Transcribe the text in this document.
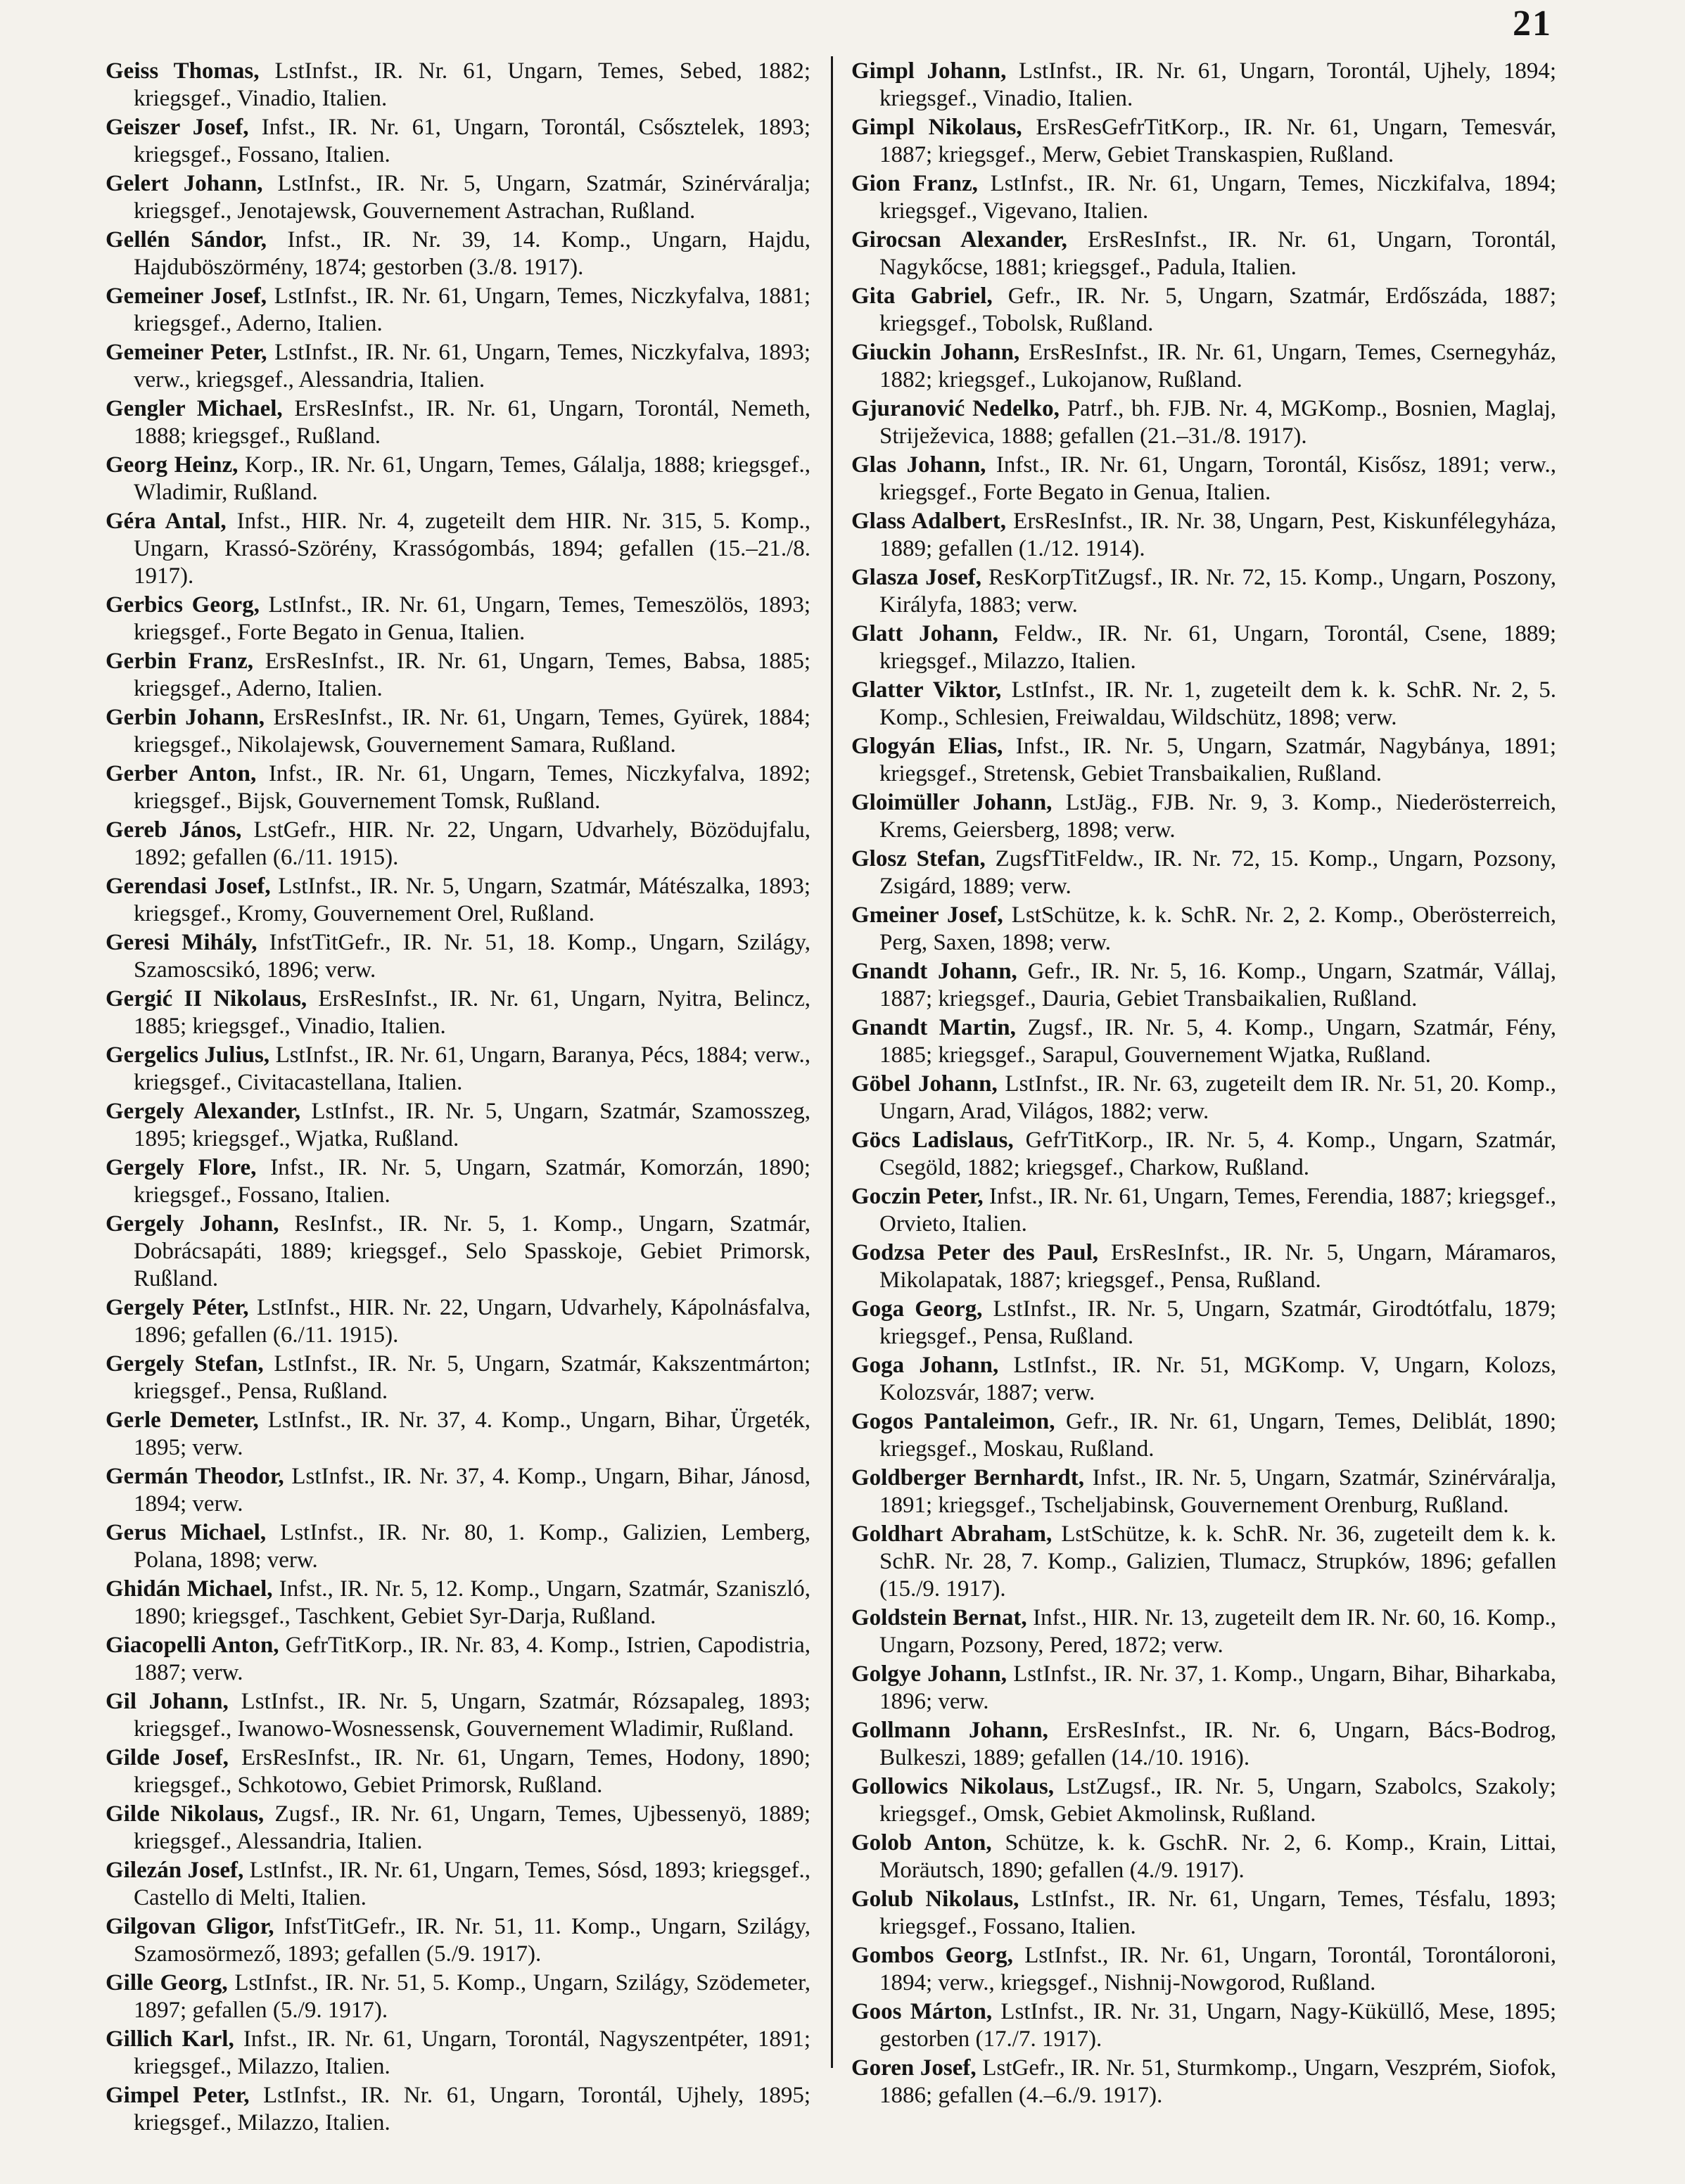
21

Geiss Thomas, LstInfst., IR. Nr. 61, Ungarn, Temes, Sebed, 1882; kriegsgef., Vinadio, Italien.

Geiszer Josef, Infst., IR. Nr. 61, Ungarn, Torontál, Csősztelek, 1893; kriegsgef., Fossano, Italien.

Gelert Johann, LstInfst., IR. Nr. 5, Ungarn, Szatmár, Szinérváralja; kriegsgef., Jenotajewsk, Gouvernement Astrachan, Rußland.

Gellén Sándor, Infst., IR. Nr. 39, 14. Komp., Ungarn, Hajdu, Hajduböszörmény, 1874; gestorben (3./8. 1917).

Gemeiner Josef, LstInfst., IR. Nr. 61, Ungarn, Temes, Niczkyfalva, 1881; kriegsgef., Aderno, Italien.

Gemeiner Peter, LstInfst., IR. Nr. 61, Ungarn, Temes, Niczkyfalva, 1893; verw., kriegsgef., Alessandria, Italien.

Gengler Michael, ErsResInfst., IR. Nr. 61, Ungarn, Torontál, Nemeth, 1888; kriegsgef., Rußland.

Georg Heinz, Korp., IR. Nr. 61, Ungarn, Temes, Gálalja, 1888; kriegsgef., Wladimir, Rußland.

Géra Antal, Infst., HIR. Nr. 4, zugeteilt dem HIR. Nr. 315, 5. Komp., Ungarn, Krassó-Szörény, Krassógombás, 1894; gefallen (15.–21./8. 1917).

Gerbics Georg, LstInfst., IR. Nr. 61, Ungarn, Temes, Temeszölös, 1893; kriegsgef., Forte Begato in Genua, Italien.

Gerbin Franz, ErsResInfst., IR. Nr. 61, Ungarn, Temes, Babsa, 1885; kriegsgef., Aderno, Italien.

Gerbin Johann, ErsResInfst., IR. Nr. 61, Ungarn, Temes, Gyürek, 1884; kriegsgef., Nikolajewsk, Gouvernement Samara, Rußland.

Gerber Anton, Infst., IR. Nr. 61, Ungarn, Temes, Niczkyfalva, 1892; kriegsgef., Bijsk, Gouvernement Tomsk, Rußland.

Gereb János, LstGefr., HIR. Nr. 22, Ungarn, Udvarhely, Bözödujfalu, 1892; gefallen (6./11. 1915).

Gerendasi Josef, LstInfst., IR. Nr. 5, Ungarn, Szatmár, Mátészalka, 1893; kriegsgef., Kromy, Gouvernement Orel, Rußland.

Geresi Mihály, InfstTitGefr., IR. Nr. 51, 18. Komp., Ungarn, Szilágy, Szamoscsikó, 1896; verw.

Gergić II Nikolaus, ErsResInfst., IR. Nr. 61, Ungarn, Nyitra, Belincz, 1885; kriegsgef., Vinadio, Italien.

Gergelics Julius, LstInfst., IR. Nr. 61, Ungarn, Baranya, Pécs, 1884; verw., kriegsgef., Civitacastellana, Italien.

Gergely Alexander, LstInfst., IR. Nr. 5, Ungarn, Szatmár, Szamosszeg, 1895; kriegsgef., Wjatka, Rußland.

Gergely Flore, Infst., IR. Nr. 5, Ungarn, Szatmár, Komorzán, 1890; kriegsgef., Fossano, Italien.

Gergely Johann, ResInfst., IR. Nr. 5, 1. Komp., Ungarn, Szatmár, Dobrácsapáti, 1889; kriegsgef., Selo Spasskoje, Gebiet Primorsk, Rußland.

Gergely Péter, LstInfst., HIR. Nr. 22, Ungarn, Udvarhely, Kápolnásfalva, 1896; gefallen (6./11. 1915).

Gergely Stefan, LstInfst., IR. Nr. 5, Ungarn, Szatmár, Kakszentmárton; kriegsgef., Pensa, Rußland.

Gerle Demeter, LstInfst., IR. Nr. 37, 4. Komp., Ungarn, Bihar, Ürgeték, 1895; verw.

Germán Theodor, LstInfst., IR. Nr. 37, 4. Komp., Ungarn, Bihar, Jánosd, 1894; verw.

Gerus Michael, LstInfst., IR. Nr. 80, 1. Komp., Galizien, Lemberg, Polana, 1898; verw.

Ghidán Michael, Infst., IR. Nr. 5, 12. Komp., Ungarn, Szatmár, Szaniszló, 1890; kriegsgef., Taschkent, Gebiet Syr-Darja, Rußland.

Giacopelli Anton, GefrTitKorp., IR. Nr. 83, 4. Komp., Istrien, Capodistria, 1887; verw.

Gil Johann, LstInfst., IR. Nr. 5, Ungarn, Szatmár, Rózsapaleg, 1893; kriegsgef., Iwanowo-Wosnessensk, Gouvernement Wladimir, Rußland.

Gilde Josef, ErsResInfst., IR. Nr. 61, Ungarn, Temes, Hodony, 1890; kriegsgef., Schkotowo, Gebiet Primorsk, Rußland.

Gilde Nikolaus, Zugsf., IR. Nr. 61, Ungarn, Temes, Ujbessenyö, 1889; kriegsgef., Alessandria, Italien.

Gilezán Josef, LstInfst., IR. Nr. 61, Ungarn, Temes, Sósd, 1893; kriegsgef., Castello di Melti, Italien.

Gilgovan Gligor, InfstTitGefr., IR. Nr. 51, 11. Komp., Ungarn, Szilágy, Szamosörmező, 1893; gefallen (5./9. 1917).

Gille Georg, LstInfst., IR. Nr. 51, 5. Komp., Ungarn, Szilágy, Szödemeter, 1897; gefallen (5./9. 1917).

Gillich Karl, Infst., IR. Nr. 61, Ungarn, Torontál, Nagyszentpéter, 1891; kriegsgef., Milazzo, Italien.

Gimpel Peter, LstInfst., IR. Nr. 61, Ungarn, Torontál, Ujhely, 1895; kriegsgef., Milazzo, Italien.

Gimpl Johann, LstInfst., IR. Nr. 61, Ungarn, Torontál, Ujhely, 1894; kriegsgef., Vinadio, Italien.

Gimpl Nikolaus, ErsResGefrTitKorp., IR. Nr. 61, Ungarn, Temesvár, 1887; kriegsgef., Merw, Gebiet Transkaspien, Rußland.

Gion Franz, LstInfst., IR. Nr. 61, Ungarn, Temes, Niczkifalva, 1894; kriegsgef., Vigevano, Italien.

Girocsan Alexander, ErsResInfst., IR. Nr. 61, Ungarn, Torontál, Nagykőcse, 1881; kriegsgef., Padula, Italien.

Gita Gabriel, Gefr., IR. Nr. 5, Ungarn, Szatmár, Erdőszáda, 1887; kriegsgef., Tobolsk, Rußland.

Giuckin Johann, ErsResInfst., IR. Nr. 61, Ungarn, Temes, Csernegyház, 1882; kriegsgef., Lukojanow, Rußland.

Gjuranović Nedelko, Patrf., bh. FJB. Nr. 4, MGKomp., Bosnien, Maglaj, Striježevica, 1888; gefallen (21.–31./8. 1917).

Glas Johann, Infst., IR. Nr. 61, Ungarn, Torontál, Kisősz, 1891; verw., kriegsgef., Forte Begato in Genua, Italien.

Glass Adalbert, ErsResInfst., IR. Nr. 38, Ungarn, Pest, Kiskunfélegyháza, 1889; gefallen (1./12. 1914).

Glasza Josef, ResKorpTitZugsf., IR. Nr. 72, 15. Komp., Ungarn, Poszony, Királyfa, 1883; verw.

Glatt Johann, Feldw., IR. Nr. 61, Ungarn, Torontál, Csene, 1889; kriegsgef., Milazzo, Italien.

Glatter Viktor, LstInfst., IR. Nr. 1, zugeteilt dem k. k. SchR. Nr. 2, 5. Komp., Schlesien, Freiwaldau, Wildschütz, 1898; verw.

Glogyán Elias, Infst., IR. Nr. 5, Ungarn, Szatmár, Nagybánya, 1891; kriegsgef., Stretensk, Gebiet Transbaikalien, Rußland.

Gloimüller Johann, LstJäg., FJB. Nr. 9, 3. Komp., Niederösterreich, Krems, Geiersberg, 1898; verw.

Glosz Stefan, ZugsfTitFeldw., IR. Nr. 72, 15. Komp., Ungarn, Pozsony, Zsigárd, 1889; verw.

Gmeiner Josef, LstSchütze, k. k. SchR. Nr. 2, 2. Komp., Oberösterreich, Perg, Saxen, 1898; verw.

Gnandt Johann, Gefr., IR. Nr. 5, 16. Komp., Ungarn, Szatmár, Vállaj, 1887; kriegsgef., Dauria, Gebiet Transbaikalien, Rußland.

Gnandt Martin, Zugsf., IR. Nr. 5, 4. Komp., Ungarn, Szatmár, Fény, 1885; kriegsgef., Sarapul, Gouvernement Wjatka, Rußland.

Göbel Johann, LstInfst., IR. Nr. 63, zugeteilt dem IR. Nr. 51, 20. Komp., Ungarn, Arad, Világos, 1882; verw.

Göcs Ladislaus, GefrTitKorp., IR. Nr. 5, 4. Komp., Ungarn, Szatmár, Csegöld, 1882; kriegsgef., Charkow, Rußland.

Goczin Peter, Infst., IR. Nr. 61, Ungarn, Temes, Ferendia, 1887; kriegsgef., Orvieto, Italien.

Godzsa Peter des Paul, ErsResInfst., IR. Nr. 5, Ungarn, Máramaros, Mikolapatak, 1887; kriegsgef., Pensa, Rußland.

Goga Georg, LstInfst., IR. Nr. 5, Ungarn, Szatmár, Girodtótfalu, 1879; kriegsgef., Pensa, Rußland.

Goga Johann, LstInfst., IR. Nr. 51, MGKomp. V, Ungarn, Kolozs, Kolozsvár, 1887; verw.

Gogos Pantaleimon, Gefr., IR. Nr. 61, Ungarn, Temes, Deliblát, 1890; kriegsgef., Moskau, Rußland.

Goldberger Bernhardt, Infst., IR. Nr. 5, Ungarn, Szatmár, Szinérváralja, 1891; kriegsgef., Tscheljabinsk, Gouvernement Orenburg, Rußland.

Goldhart Abraham, LstSchütze, k. k. SchR. Nr. 36, zugeteilt dem k. k. SchR. Nr. 28, 7. Komp., Galizien, Tlumacz, Strupków, 1896; gefallen (15./9. 1917).

Goldstein Bernat, Infst., HIR. Nr. 13, zugeteilt dem IR. Nr. 60, 16. Komp., Ungarn, Pozsony, Pered, 1872; verw.

Golgye Johann, LstInfst., IR. Nr. 37, 1. Komp., Ungarn, Bihar, Biharkaba, 1896; verw.

Gollmann Johann, ErsResInfst., IR. Nr. 6, Ungarn, Bács-Bodrog, Bulkeszi, 1889; gefallen (14./10. 1916).

Gollowics Nikolaus, LstZugsf., IR. Nr. 5, Ungarn, Szabolcs, Szakoly; kriegsgef., Omsk, Gebiet Akmolinsk, Rußland.

Golob Anton, Schütze, k. k. GschR. Nr. 2, 6. Komp., Krain, Littai, Moräutsch, 1890; gefallen (4./9. 1917).

Golub Nikolaus, LstInfst., IR. Nr. 61, Ungarn, Temes, Tésfalu, 1893; kriegsgef., Fossano, Italien.

Gombos Georg, LstInfst., IR. Nr. 61, Ungarn, Torontál, Torontáloroni, 1894; verw., kriegsgef., Nishnij-Nowgorod, Rußland.

Goos Márton, LstInfst., IR. Nr. 31, Ungarn, Nagy-Küküllő, Mese, 1895; gestorben (17./7. 1917).

Goren Josef, LstGefr., IR. Nr. 51, Sturmkomp., Ungarn, Veszprém, Siofok, 1886; gefallen (4.–6./9. 1917).
